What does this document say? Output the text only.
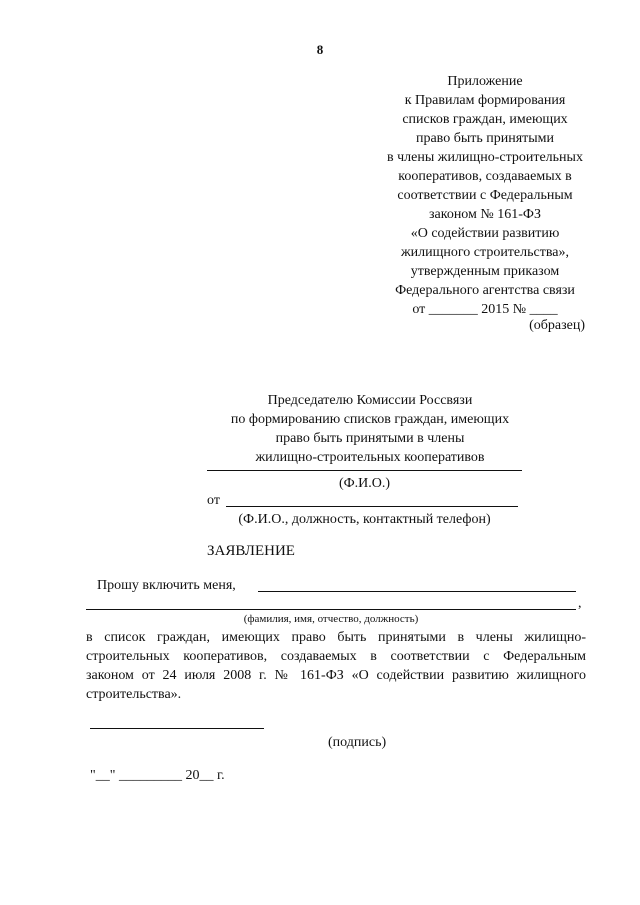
8
Приложение
к Правилам формирования
списков граждан, имеющих
право быть принятыми
в члены жилищно-строительных
кооперативов, создаваемых в
соответствии с Федеральным
законом № 161-ФЗ
«О содействии развитию
жилищного строительства»,
утвержденным приказом
Федерального агентства связи
от _______ 2015 № ____
(образец)
Председателю Комиссии Россвязи
по формированию списков граждан, имеющих
право быть принятыми в члены
жилищно-строительных кооперативов
(Ф.И.О.)
от
(Ф.И.О., должность, контактный телефон)
ЗАЯВЛЕНИЕ
Прошу включить меня,
,
(фамилия, имя, отчество, должность)
в список граждан, имеющих право быть принятыми в члены жилищно-
строительных кооперативов, создаваемых в соответствии с Федеральным
законом от 24 июля 2008 г. № 161-ФЗ «О содействии развитию жилищного
строительства».
(подпись)
"__" _________ 20__ г.
